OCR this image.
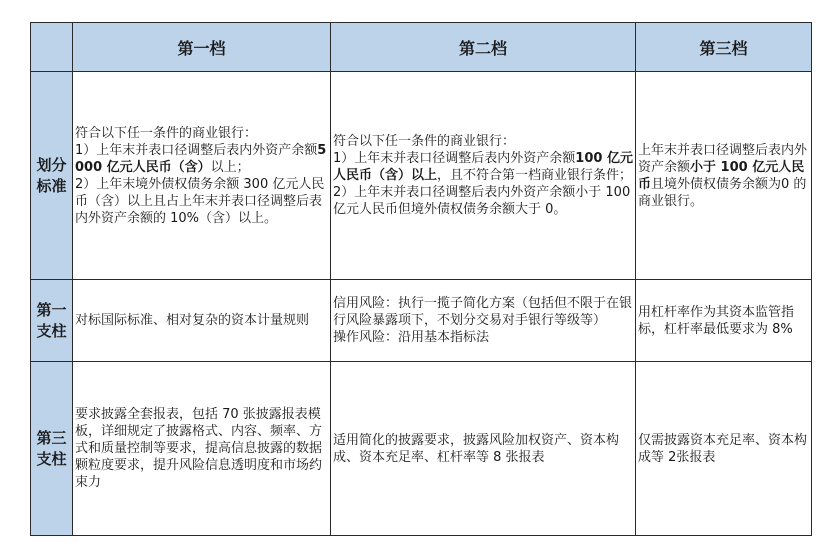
	第一档	第二档	第三档

划分
标准	符合以下任一条件的商业银行：
1）上年末并表口径调整后表内外资产余额5000 亿元人民币（含）以上；
2）上年末境外债权债务余额 300 亿元人民币（含）以上且占上年末并表口径调整后表内外资产余额的 10%（含）以上。	符合以下任一条件的商业银行：
1）上年末并表口径调整后表内外资产余额100 亿元人民币（含）以上，且不符合第一档商业银行条件；
2）上年末并表口径调整后表内外资产余额小于 100亿元人民币但境外债权债务余额大于 0。	上年末并表口径调整后表内外资产余额小于 100 亿元人民币且境外债权债务余额为0 的商业银行。

第一
支柱	对标国际标准、相对复杂的资本计量规则	信用风险：执行一揽子简化方案（包括但不限于在银行风险暴露项下，不划分交易对手银行等级等）
操作风险：沿用基本指标法	用杠杆率作为其资本监管指标，杠杆率最低要求为 8%

第三
支柱	要求披露全套报表，包括 70 张披露报表模板，详细规定了披露格式、内容、频率、方式和质量控制等要求，提高信息披露的数据颗粒度要求，提升风险信息透明度和市场约束力	适用简化的披露要求，披露风险加权资产、资本构成、资本充足率、杠杆率等 8 张报表	仅需披露资本充足率、资本构成等 2张报表
